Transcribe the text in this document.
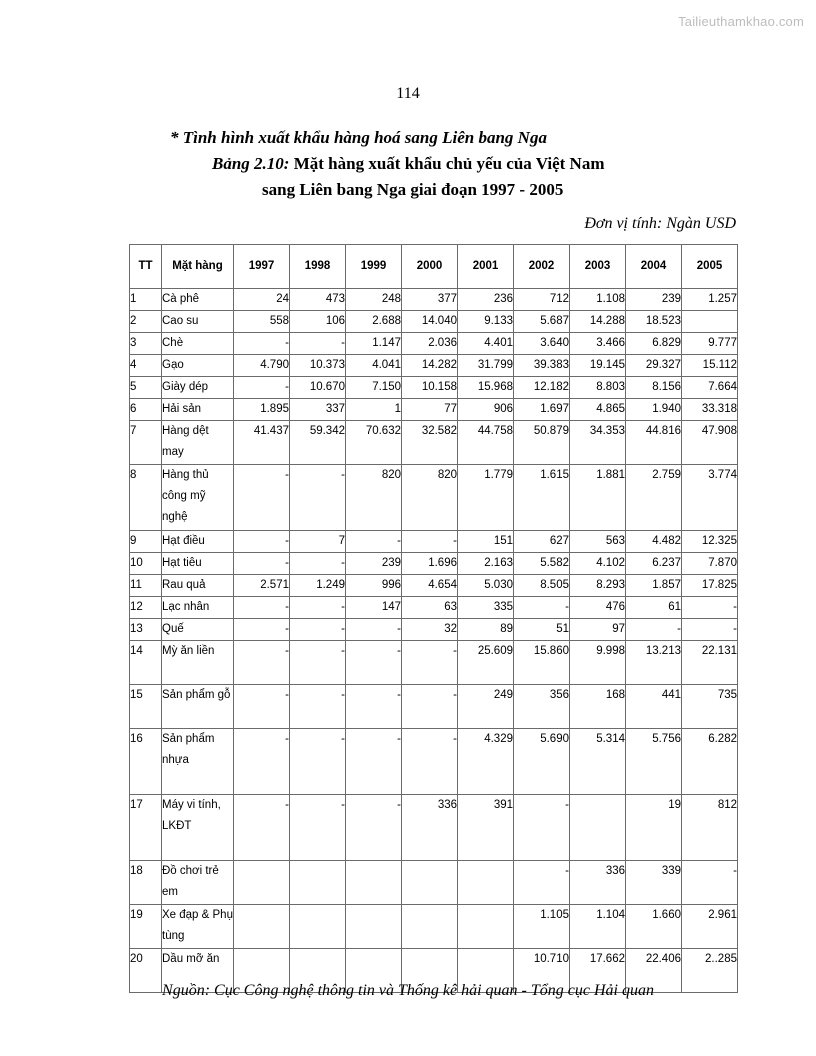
Tailieuthamkhao.com
114
* Tình hình xuất khẩu hàng hoá sang Liên bang Nga
Bảng 2.10: Mặt hàng xuất khẩu chủ yếu của Việt Nam
sang Liên bang Nga giai đoạn 1997 - 2005
Đơn vị tính: Ngàn USD
TT	Mặt hàng	1997	1998	1999	2000	2001	2002	2003	2004	2005
1	Cà phê	24	473	248	377	236	712	1.108	239	1.257
2	Cao su	558	106	2.688	14.040	9.133	5.687	14.288	18.523	
3	Chè	-	-	1.147	2.036	4.401	3.640	3.466	6.829	9.777
4	Gạo	4.790	10.373	4.041	14.282	31.799	39.383	19.145	29.327	15.112
5	Giày dép	-	10.670	7.150	10.158	15.968	12.182	8.803	8.156	7.664
6	Hải sản	1.895	337	1	77	906	1.697	4.865	1.940	33.318
7	Hàng dệt may	41.437	59.342	70.632	32.582	44.758	50.879	34.353	44.816	47.908
8	Hàng thủ công mỹ nghệ	-	-	820	820	1.779	1.615	1.881	2.759	3.774
9	Hạt điều	-	7	-	-	151	627	563	4.482	12.325
10	Hạt tiêu	-	-	239	1.696	2.163	5.582	4.102	6.237	7.870
11	Rau quả	2.571	1.249	996	4.654	5.030	8.505	8.293	1.857	17.825
12	Lạc nhân	-	-	147	63	335	-	476	61	-
13	Quế	-	-	-	32	89	51	97	-	-
14	Mỳ ăn liền	-	-	-	-	25.609	15.860	9.998	13.213	22.131
15	Sản phẩm gỗ	-	-	-	-	249	356	168	441	735
16	Sản phẩm nhựa	-	-	-	-	4.329	5.690	5.314	5.756	6.282
17	Máy vi tính, LKĐT	-	-	-	336	391	-		19	812
18	Đồ chơi trẻ em						-	336	339	-
19	Xe đạp & Phụ tùng						1.105	1.104	1.660	2.961
20	Dầu mỡ ăn						10.710	17.662	22.406	2..285
Nguồn: Cục Công nghệ thông tin và Thống kê hải quan - Tổng cục Hải quan
